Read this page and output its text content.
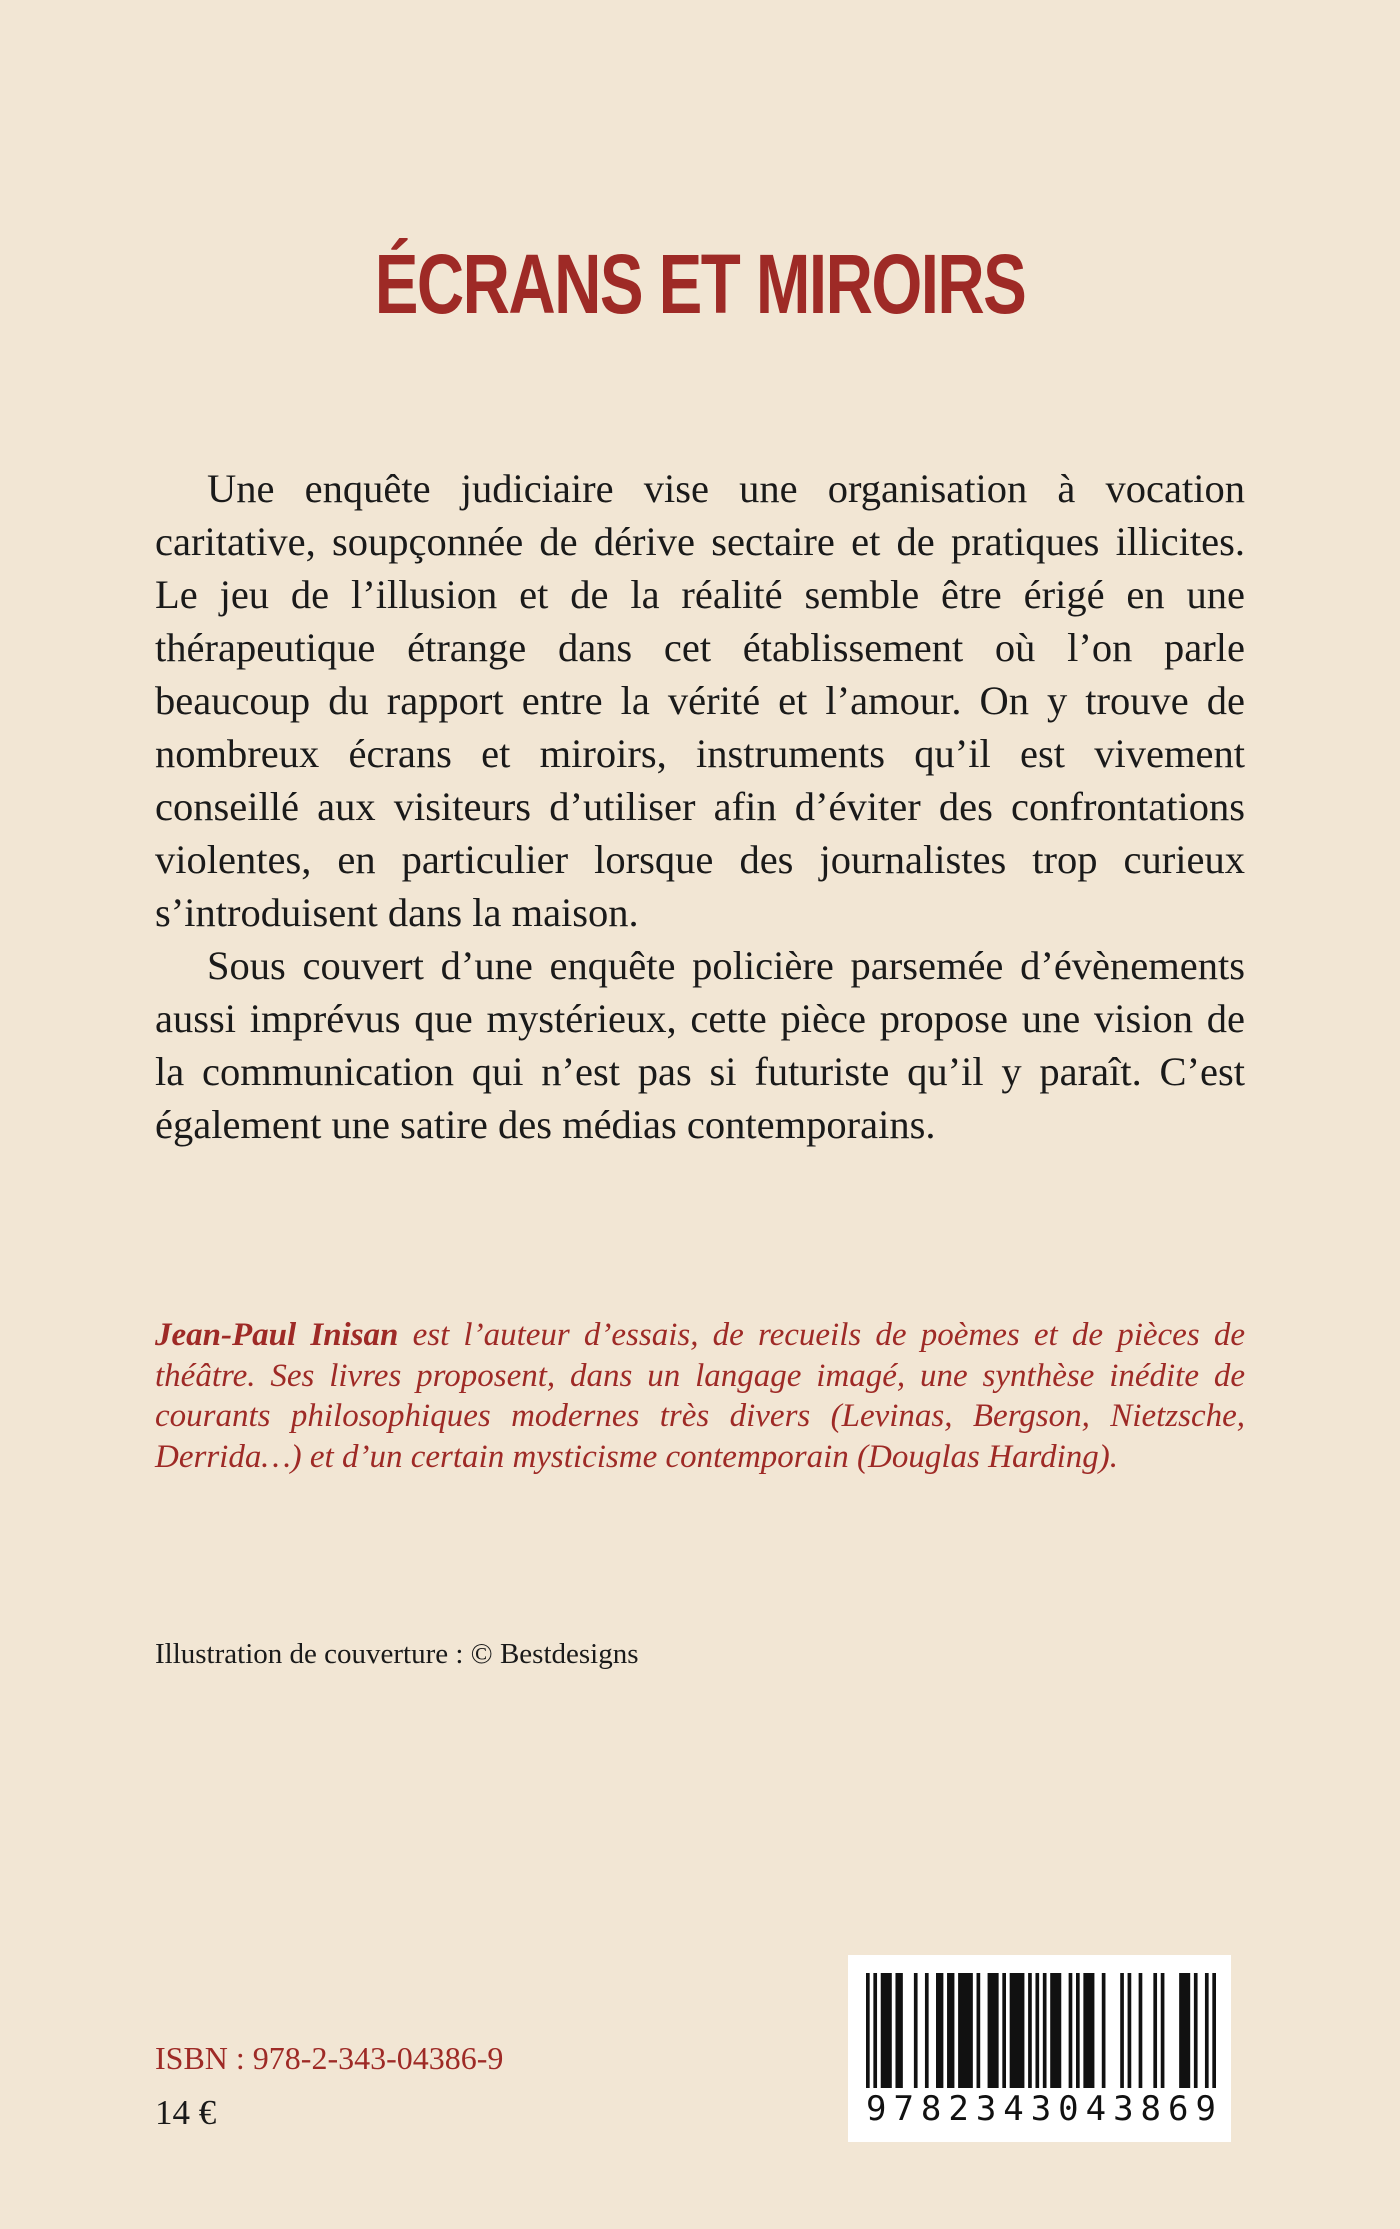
ÉCRANS ET MIROIRS

Une enquête judiciaire vise une organisation à vocation caritative, soupçonnée de dérive sectaire et de pratiques illicites. Le jeu de l’illusion et de la réalité semble être érigé en une thérapeutique étrange dans cet établissement où l’on parle beaucoup du rapport entre la vérité et l’amour. On y trouve de nombreux écrans et miroirs, instruments qu’il est vivement conseillé aux visiteurs d’utiliser afin d’éviter des confrontations violentes, en particulier lorsque des journalistes trop curieux s’introduisent dans la maison.

Sous couvert d’une enquête policière parsemée d’évènements aussi imprévus que mystérieux, cette pièce propose une vision de la communication qui n’est pas si futuriste qu’il y paraît. C’est également une satire des médias contemporains.

Jean-Paul Inisan est l’auteur d’essais, de recueils de poèmes et de pièces de théâtre. Ses livres proposent, dans un langage imagé, une synthèse inédite de courants philosophiques modernes très divers (Levinas, Bergson, Nietzsche, Derrida…) et d’un certain mysticisme contemporain (Douglas Harding).
Illustration de couverture : © Bestdesigns
ISBN : 978-2-343-04386-9
14 €	9 7 8 2 3 4 3 0 4 3 8 6 9
